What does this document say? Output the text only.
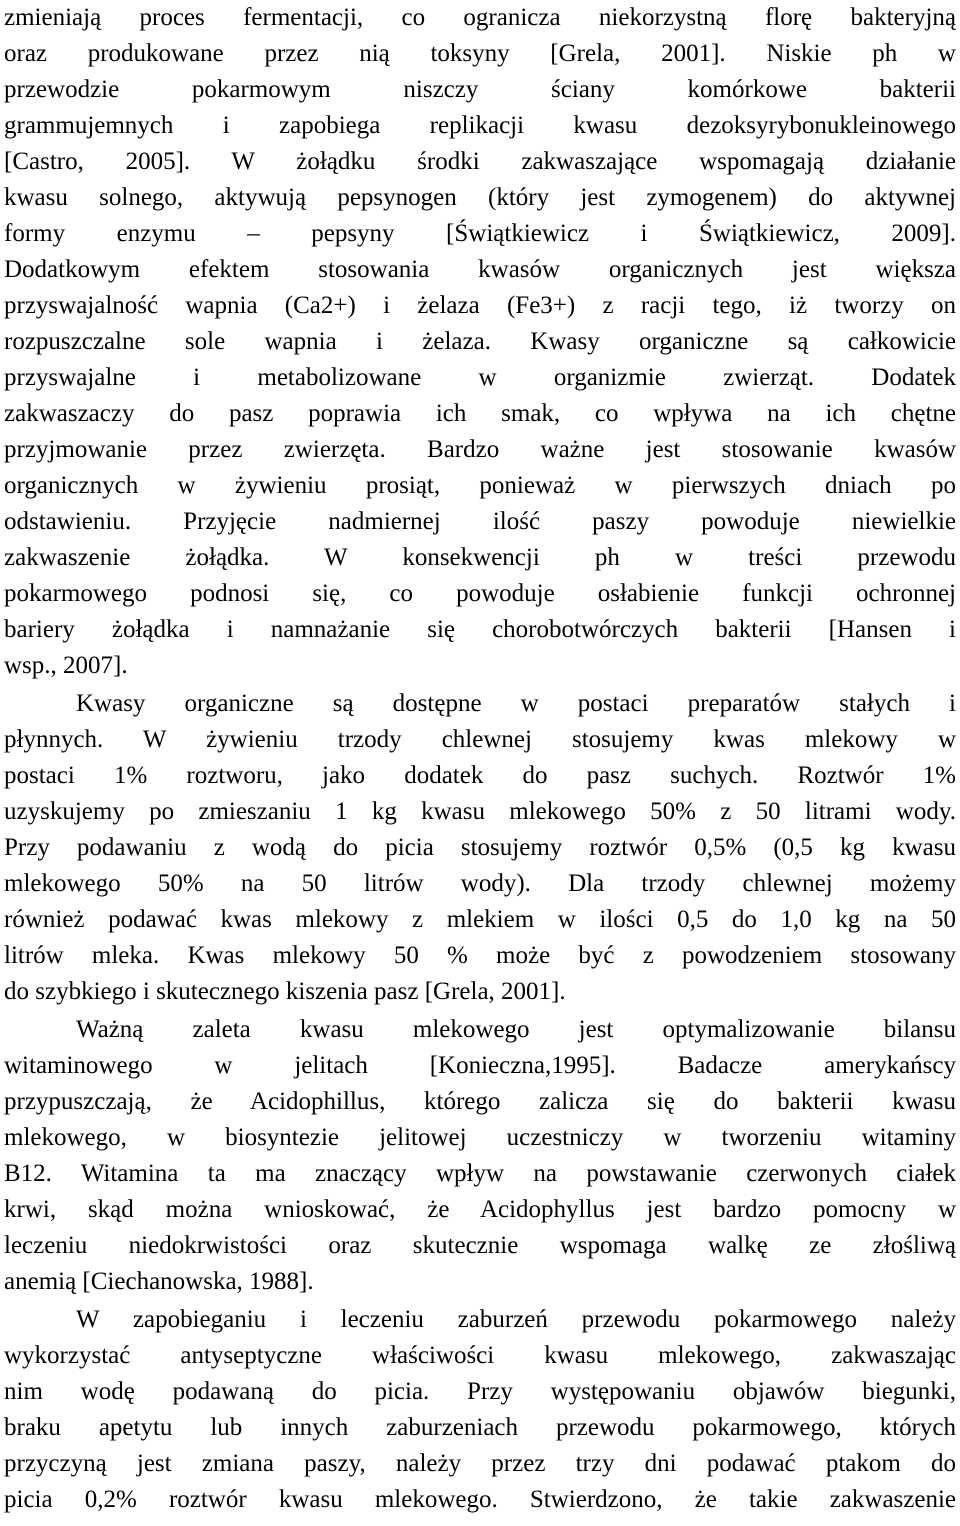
zmieniają proces fermentacji, co ogranicza niekorzystną florę bakteryjną
oraz produkowane przez nią toksyny [Grela, 2001]. Niskie ph w
przewodzie pokarmowym niszczy ściany komórkowe bakterii
grammujemnych i zapobiega replikacji kwasu dezoksyrybonukleinowego
[Castro, 2005]. W żołądku środki zakwaszające wspomagają działanie
kwasu solnego, aktywują pepsynogen (który jest zymogenem) do aktywnej
formy enzymu – pepsyny [Świątkiewicz i Świątkiewicz, 2009].
Dodatkowym efektem stosowania kwasów organicznych jest większa
przyswajalność wapnia (Ca2+) i żelaza (Fe3+) z racji tego, iż tworzy on
rozpuszczalne sole wapnia i żelaza. Kwasy organiczne są całkowicie
przyswajalne i metabolizowane w organizmie zwierząt. Dodatek
zakwaszaczy do pasz poprawia ich smak, co wpływa na ich chętne
przyjmowanie przez zwierzęta. Bardzo ważne jest stosowanie kwasów
organicznych w żywieniu prosiąt, ponieważ w pierwszych dniach po
odstawieniu. Przyjęcie nadmiernej ilość paszy powoduje niewielkie
zakwaszenie żołądka. W konsekwencji ph w treści przewodu
pokarmowego podnosi się, co powoduje osłabienie funkcji ochronnej
bariery żołądka i namnażanie się chorobotwórczych bakterii [Hansen i
wsp., 2007].
Kwasy organiczne są dostępne w postaci preparatów stałych i
płynnych. W żywieniu trzody chlewnej stosujemy kwas mlekowy w
postaci 1% roztworu, jako dodatek do pasz suchych. Roztwór 1%
uzyskujemy po zmieszaniu 1 kg kwasu mlekowego 50% z 50 litrami wody.
Przy podawaniu z wodą do picia stosujemy roztwór 0,5% (0,5 kg kwasu
mlekowego 50% na 50 litrów wody). Dla trzody chlewnej możemy
również podawać kwas mlekowy z mlekiem w ilości 0,5 do 1,0 kg na 50
litrów mleka. Kwas mlekowy 50 % może być z powodzeniem stosowany
do szybkiego i skutecznego kiszenia pasz [Grela, 2001].
Ważną zaleta kwasu mlekowego jest optymalizowanie bilansu
witaminowego w jelitach [Konieczna,1995]. Badacze amerykańscy
przypuszczają, że Acidophillus, którego zalicza się do bakterii kwasu
mlekowego, w biosyntezie jelitowej uczestniczy w tworzeniu witaminy
B12. Witamina ta ma znaczący wpływ na powstawanie czerwonych ciałek
krwi, skąd można wnioskować, że Acidophyllus jest bardzo pomocny w
leczeniu niedokrwistości oraz skutecznie wspomaga walkę ze złośliwą
anemią [Ciechanowska, 1988].
W zapobieganiu i leczeniu zaburzeń przewodu pokarmowego należy
wykorzystać antyseptyczne właściwości kwasu mlekowego, zakwaszając
nim wodę podawaną do picia. Przy występowaniu objawów biegunki,
braku apetytu lub innych zaburzeniach przewodu pokarmowego, których
przyczyną jest zmiana paszy, należy przez trzy dni podawać ptakom do
picia 0,2% roztwór kwasu mlekowego. Stwierdzono, że takie zakwaszenie
